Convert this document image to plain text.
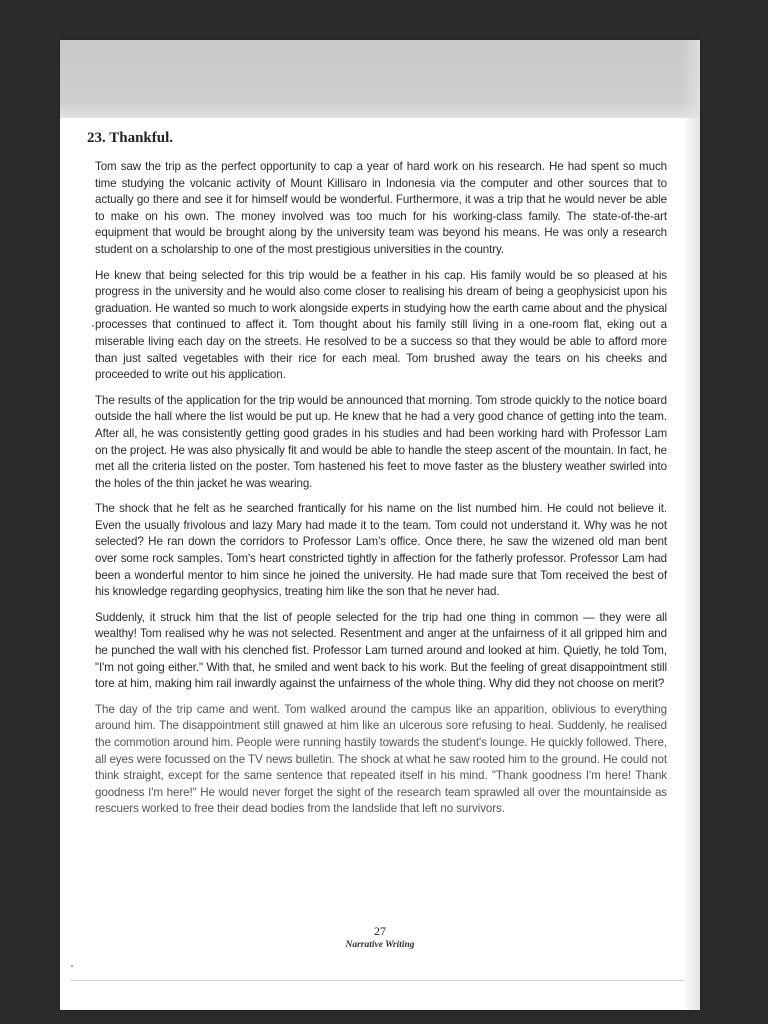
23. Thankful.

Tom saw the trip as the perfect opportunity to cap a year of hard work on his research. He had spent so much time studying the volcanic activity of Mount Killisaro in Indonesia via the computer and other sources that to actually go there and see it for himself would be wonderful. Furthermore, it was a trip that he would never be able to make on his own. The money involved was too much for his working-class family. The state-of-the-art equipment that would be brought along by the university team was beyond his means. He was only a research student on a scholarship to one of the most prestigious universities in the country.

He knew that being selected for this trip would be a feather in his cap. His family would be so pleased at his progress in the university and he would also come closer to realising his dream of being a geophysicist upon his graduation. He wanted so much to work alongside experts in studying how the earth came about and the physical processes that continued to affect it. Tom thought about his family still living in a one-room flat, eking out a miserable living each day on the streets. He resolved to be a success so that they would be able to afford more than just salted vegetables with their rice for each meal. Tom brushed away the tears on his cheeks and proceeded to write out his application.

The results of the application for the trip would be announced that morning. Tom strode quickly to the notice board outside the hall where the list would be put up. He knew that he had a very good chance of getting into the team. After all, he was consistently getting good grades in his studies and had been working hard with Professor Lam on the project. He was also physically fit and would be able to handle the steep ascent of the mountain. In fact, he met all the criteria listed on the poster. Tom hastened his feet to move faster as the blustery weather swirled into the holes of the thin jacket he was wearing.

The shock that he felt as he searched frantically for his name on the list numbed him. He could not believe it. Even the usually frivolous and lazy Mary had made it to the team. Tom could not understand it. Why was he not selected? He ran down the corridors to Professor Lam's office. Once there, he saw the wizened old man bent over some rock samples. Tom's heart constricted tightly in affection for the fatherly professor. Professor Lam had been a wonderful mentor to him since he joined the university. He had made sure that Tom received the best of his knowledge regarding geophysics, treating him like the son that he never had.

Suddenly, it struck him that the list of people selected for the trip had one thing in common — they were all wealthy! Tom realised why he was not selected. Resentment and anger at the unfairness of it all gripped him and he punched the wall with his clenched fist. Professor Lam turned around and looked at him. Quietly, he told Tom, "I'm not going either." With that, he smiled and went back to his work. But the feeling of great disappointment still tore at him, making him rail inwardly against the unfairness of the whole thing. Why did they not choose on merit?

The day of the trip came and went. Tom walked around the campus like an apparition, oblivious to everything around him. The disappointment still gnawed at him like an ulcerous sore refusing to heal. Suddenly, he realised the commotion around him. People were running hastily towards the student's lounge. He quickly followed. There, all eyes were focussed on the TV news bulletin. The shock at what he saw rooted him to the ground. He could not think straight, except for the same sentence that repeated itself in his mind. "Thank goodness I'm here! Thank goodness I'm here!" He would never forget the sight of the research team sprawled all over the mountainside as rescuers worked to free their dead bodies from the landslide that left no survivors.

27
Narrative Writing
